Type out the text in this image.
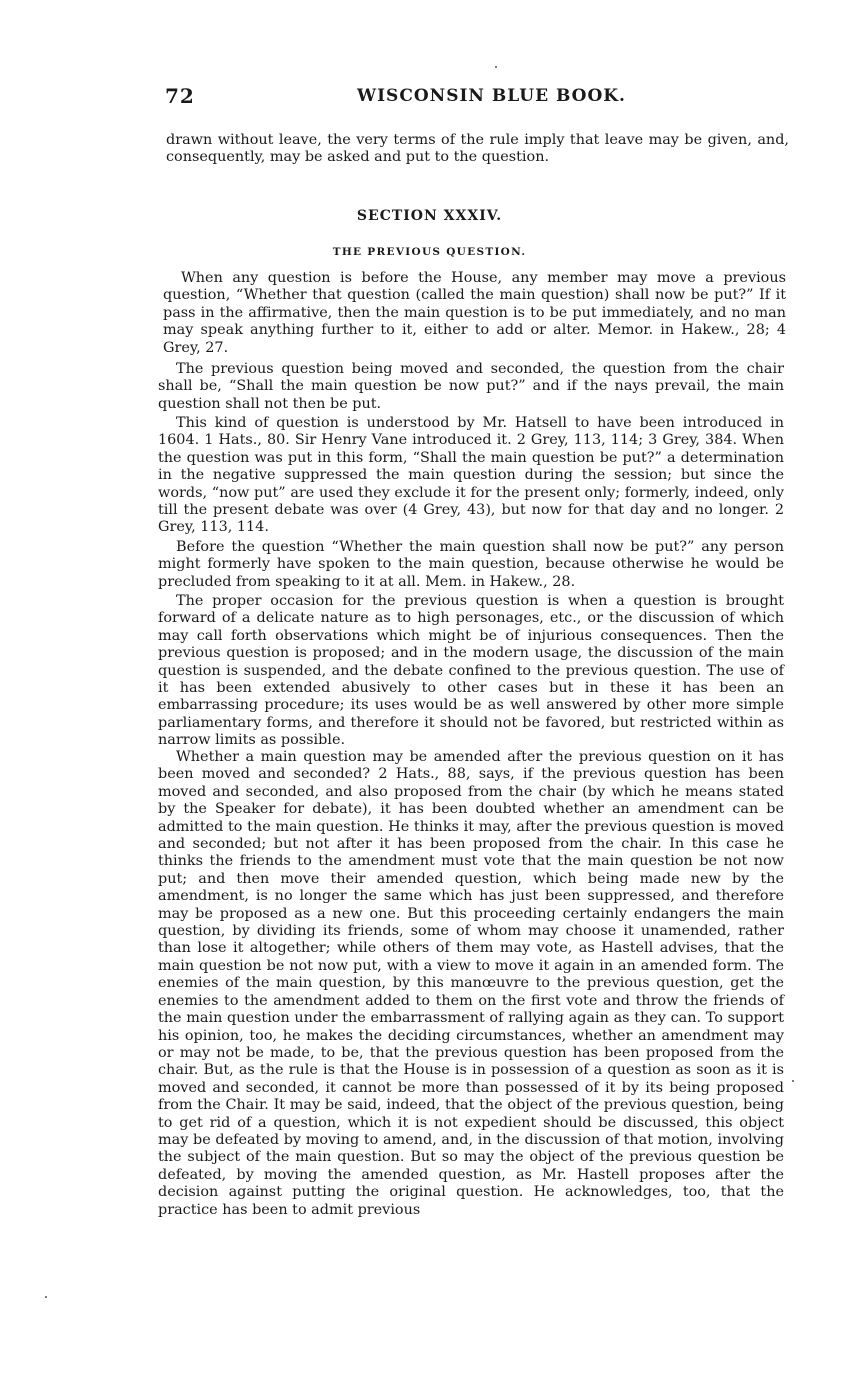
72	WISCONSIN BLUE BOOK.

drawn without leave, the very terms of the rule imply that leave may be given, and, consequently, may be asked and put to the question.

SECTION XXXIV.
THE PREVIOUS QUESTION.

When any question is before the House, any member may move a previous question, “Whether that question (called the main question) shall now be put?” If it pass in the affirmative, then the main question is to be put immediately, and no man may speak anything further to it, either to add or alter. Memor. in Hakew., 28; 4 Grey, 27.

The previous question being moved and seconded, the question from the chair shall be, “Shall the main question be now put?” and if the nays prevail, the main question shall not then be put.

This kind of question is understood by Mr. Hatsell to have been introduced in 1604. 1 Hats., 80. Sir Henry Vane introduced it. 2 Grey, 113, 114; 3 Grey, 384. When the question was put in this form, “Shall the main question be put?” a determination in the negative suppressed the main question during the session; but since the words, “now put” are used they exclude it for the present only; formerly, indeed, only till the present debate was over (4 Grey, 43), but now for that day and no longer. 2 Grey, 113, 114.

Before the question “Whether the main question shall now be put?” any person might formerly have spoken to the main question, because otherwise he would be precluded from speaking to it at all. Mem. in Hakew., 28.

The proper occasion for the previous question is when a question is brought forward of a delicate nature as to high personages, etc., or the discussion of which may call forth observations which might be of injurious consequences. Then the previous question is proposed; and in the modern usage, the discussion of the main question is suspended, and the debate confined to the previous question. The use of it has been extended abusively to other cases but in these it has been an embarrassing procedure; its uses would be as well answered by other more simple parliamentary forms, and therefore it should not be favored, but restricted within as narrow limits as possible.

Whether a main question may be amended after the previous question on it has been moved and seconded? 2 Hats., 88, says, if the previous question has been moved and seconded, and also proposed from the chair (by which he means stated by the Speaker for debate), it has been doubted whether an amendment can be admitted to the main question. He thinks it may, after the previous question is moved and seconded; but not after it has been proposed from the chair. In this case he thinks the friends to the amendment must vote that the main question be not now put; and then move their amended question, which being made new by the amendment, is no longer the same which has just been suppressed, and therefore may be proposed as a new one. But this proceeding certainly endangers the main question, by dividing its friends, some of whom may choose it unamended, rather than lose it altogether; while others of them may vote, as Hastell advises, that the main question be not now put, with a view to move it again in an amended form. The enemies of the main question, by this manœuvre to the previous question, get the enemies to the amendment added to them on the first vote and throw the friends of the main question under the embarrassment of rallying again as they can. To support his opinion, too, he makes the deciding circumstances, whether an amendment may or may not be made, to be, that the previous question has been proposed from the chair. But, as the rule is that the House is in possession of a question as soon as it is moved and seconded, it cannot be more than possessed of it by its being proposed from the Chair. It may be said, indeed, that the object of the previous question, being to get rid of a question, which it is not expedient should be discussed, this object may be defeated by moving to amend, and, in the discussion of that motion, involving the subject of the main question. But so may the object of the previous question be defeated, by moving the amended question, as Mr. Hastell proposes after the decision against putting the original question. He acknowledges, too, that the practice has been to admit previous
